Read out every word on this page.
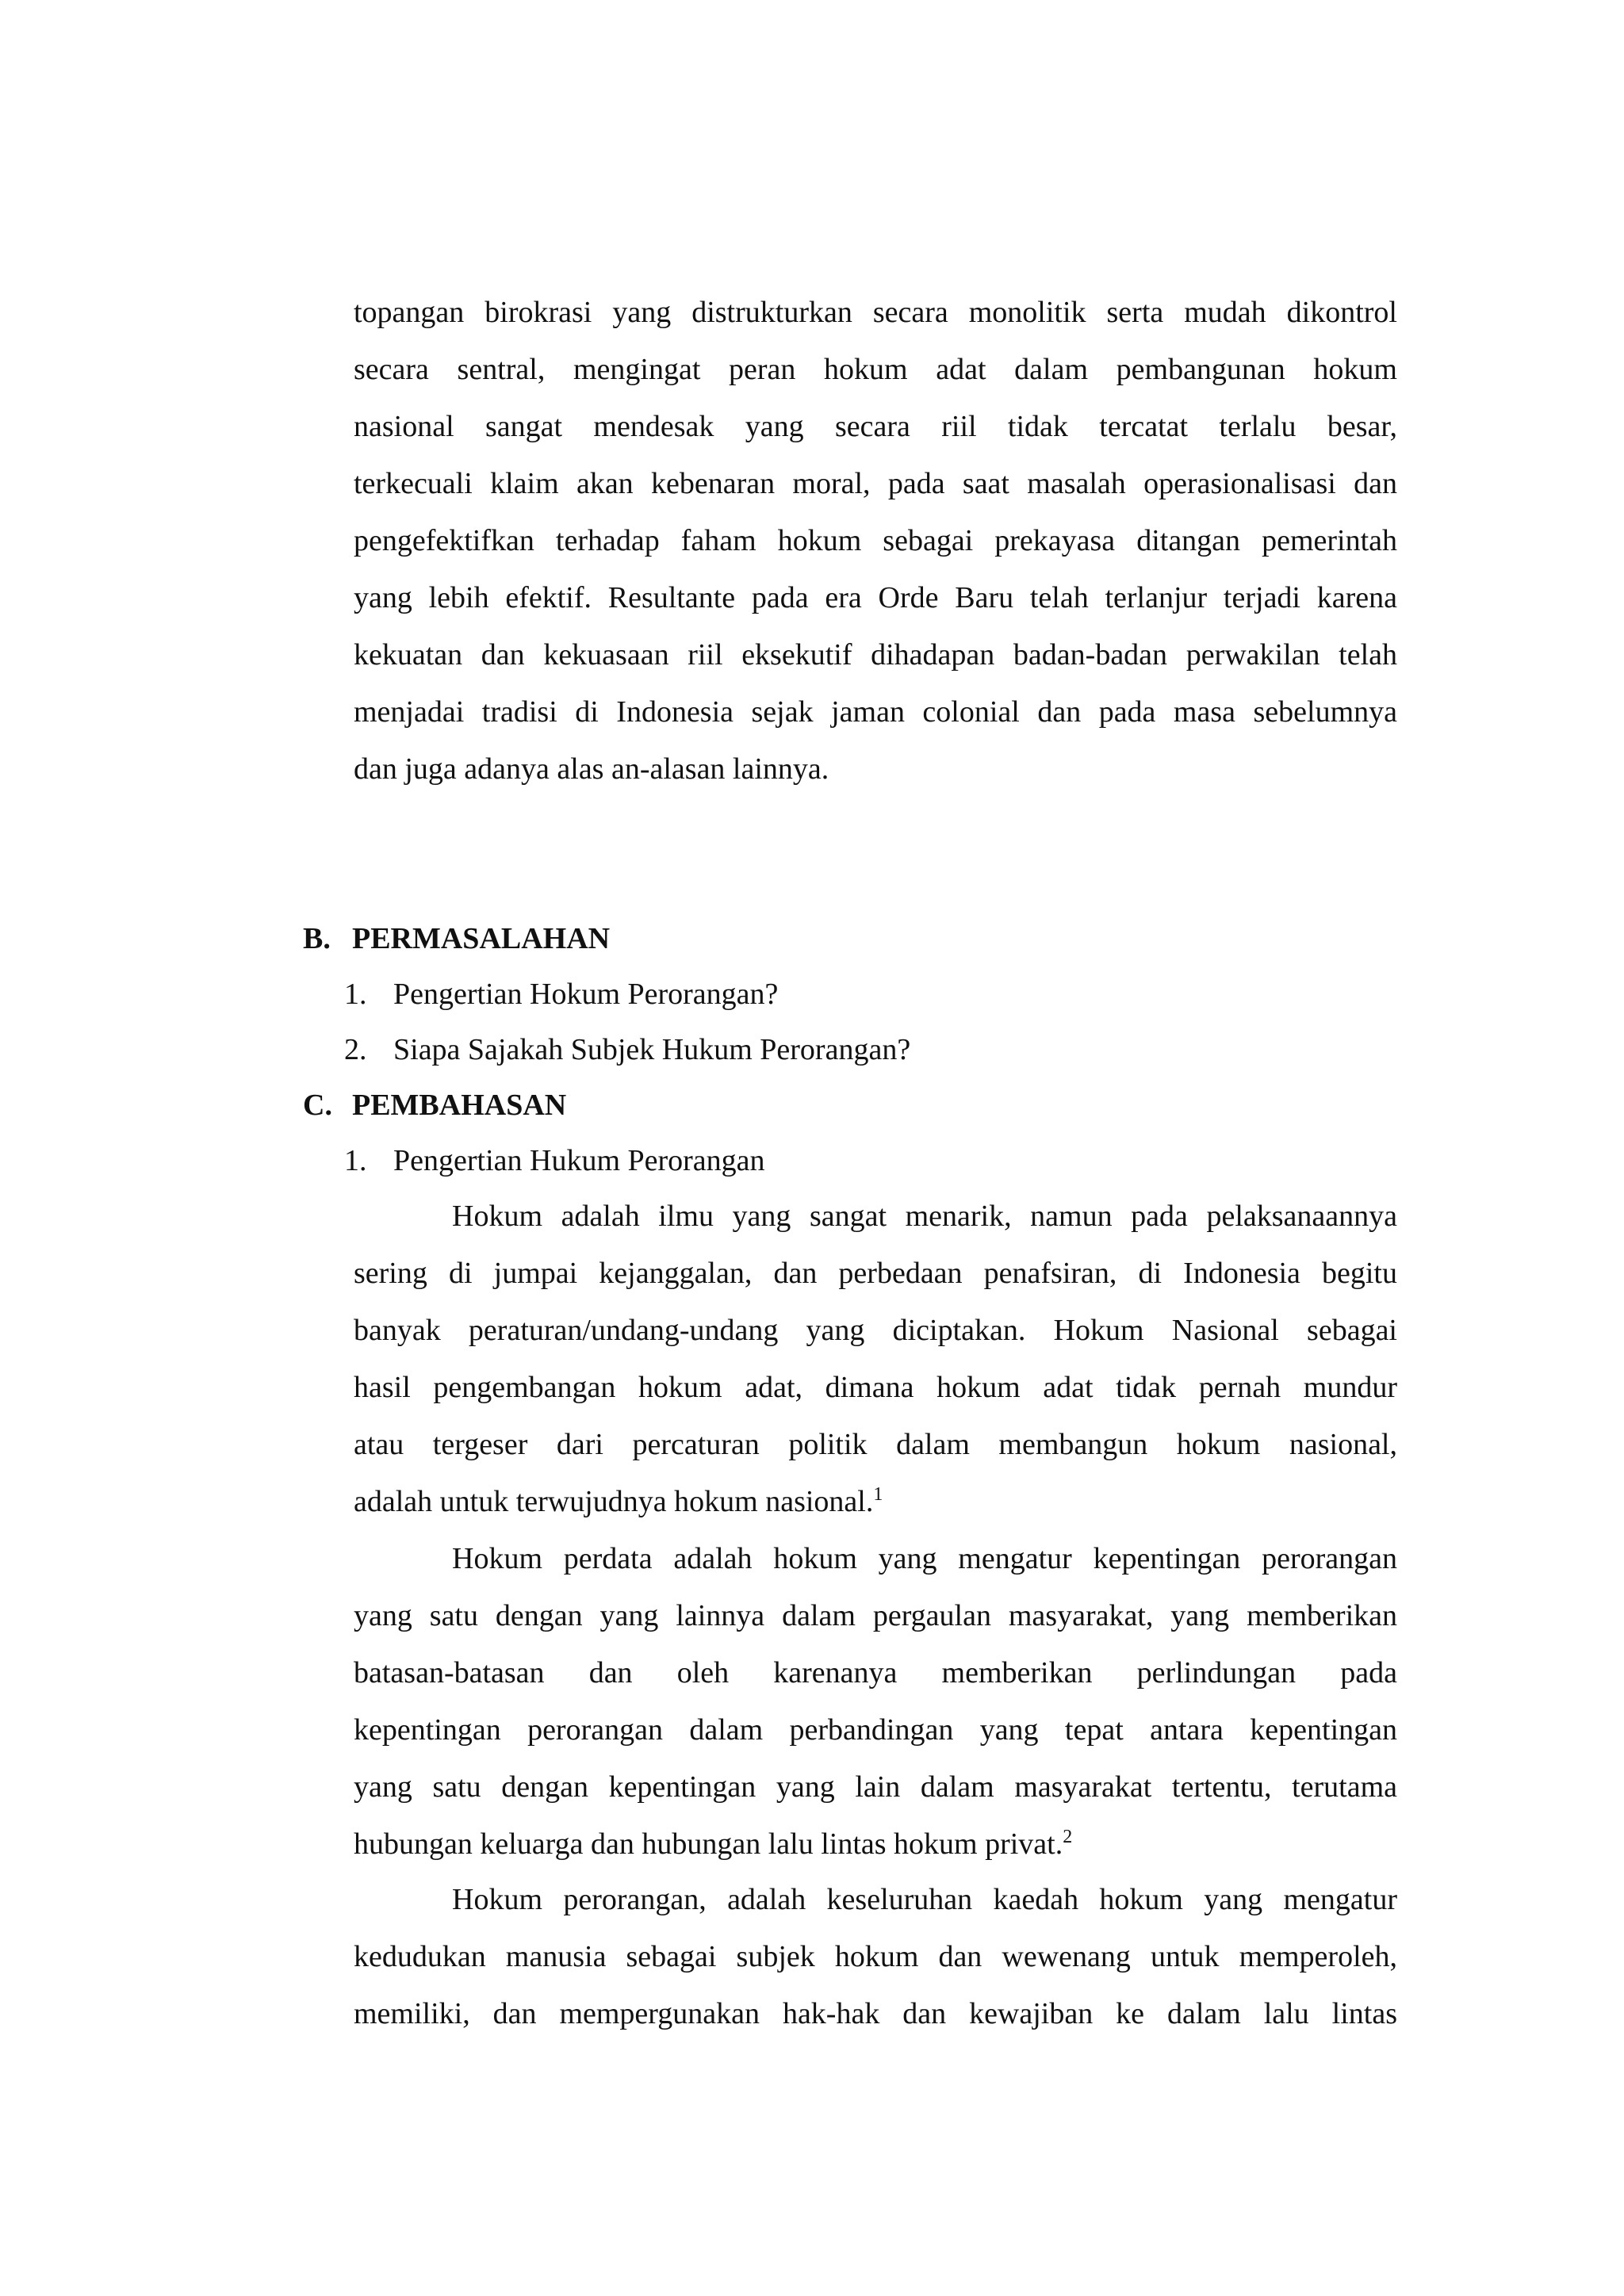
topangan birokrasi yang distrukturkan secara monolitik serta mudah dikontrol
secara sentral, mengingat peran hokum adat dalam pembangunan hokum
nasional sangat mendesak yang secara riil tidak tercatat terlalu besar,
terkecuali klaim akan kebenaran moral, pada saat masalah operasionalisasi dan
pengefektifkan terhadap faham hokum sebagai prekayasa ditangan pemerintah
yang lebih efektif. Resultante pada era Orde Baru telah terlanjur terjadi karena
kekuatan dan kekuasaan riil eksekutif dihadapan badan-badan perwakilan telah
menjadai tradisi di Indonesia sejak jaman colonial dan pada masa sebelumnya
dan juga adanya alas an-alasan lainnya.
B. PERMASALAHAN
1. Pengertian Hokum Perorangan?
2. Siapa Sajakah Subjek Hukum Perorangan?
C. PEMBAHASAN
1. Pengertian Hukum Perorangan
Hokum adalah ilmu yang sangat menarik, namun pada pelaksanaannya
sering di jumpai kejanggalan, dan perbedaan penafsiran, di Indonesia begitu
banyak peraturan/undang-undang yang diciptakan. Hokum Nasional sebagai
hasil pengembangan hokum adat, dimana hokum adat tidak pernah mundur
atau tergeser dari percaturan politik dalam membangun hokum nasional,
adalah untuk terwujudnya hokum nasional.$^1$
Hokum perdata adalah hokum yang mengatur kepentingan perorangan
yang satu dengan yang lainnya dalam pergaulan masyarakat, yang memberikan
batasan-batasan dan oleh karenanya memberikan perlindungan pada
kepentingan perorangan dalam perbandingan yang tepat antara kepentingan
yang satu dengan kepentingan yang lain dalam masyarakat tertentu, terutama
hubungan keluarga dan hubungan lalu lintas hokum privat.$^2$
Hokum perorangan, adalah keseluruhan kaedah hokum yang mengatur
kedudukan manusia sebagai subjek hokum dan wewenang untuk memperoleh,
memiliki, dan mempergunakan hak-hak dan kewajiban ke dalam lalu lintas
